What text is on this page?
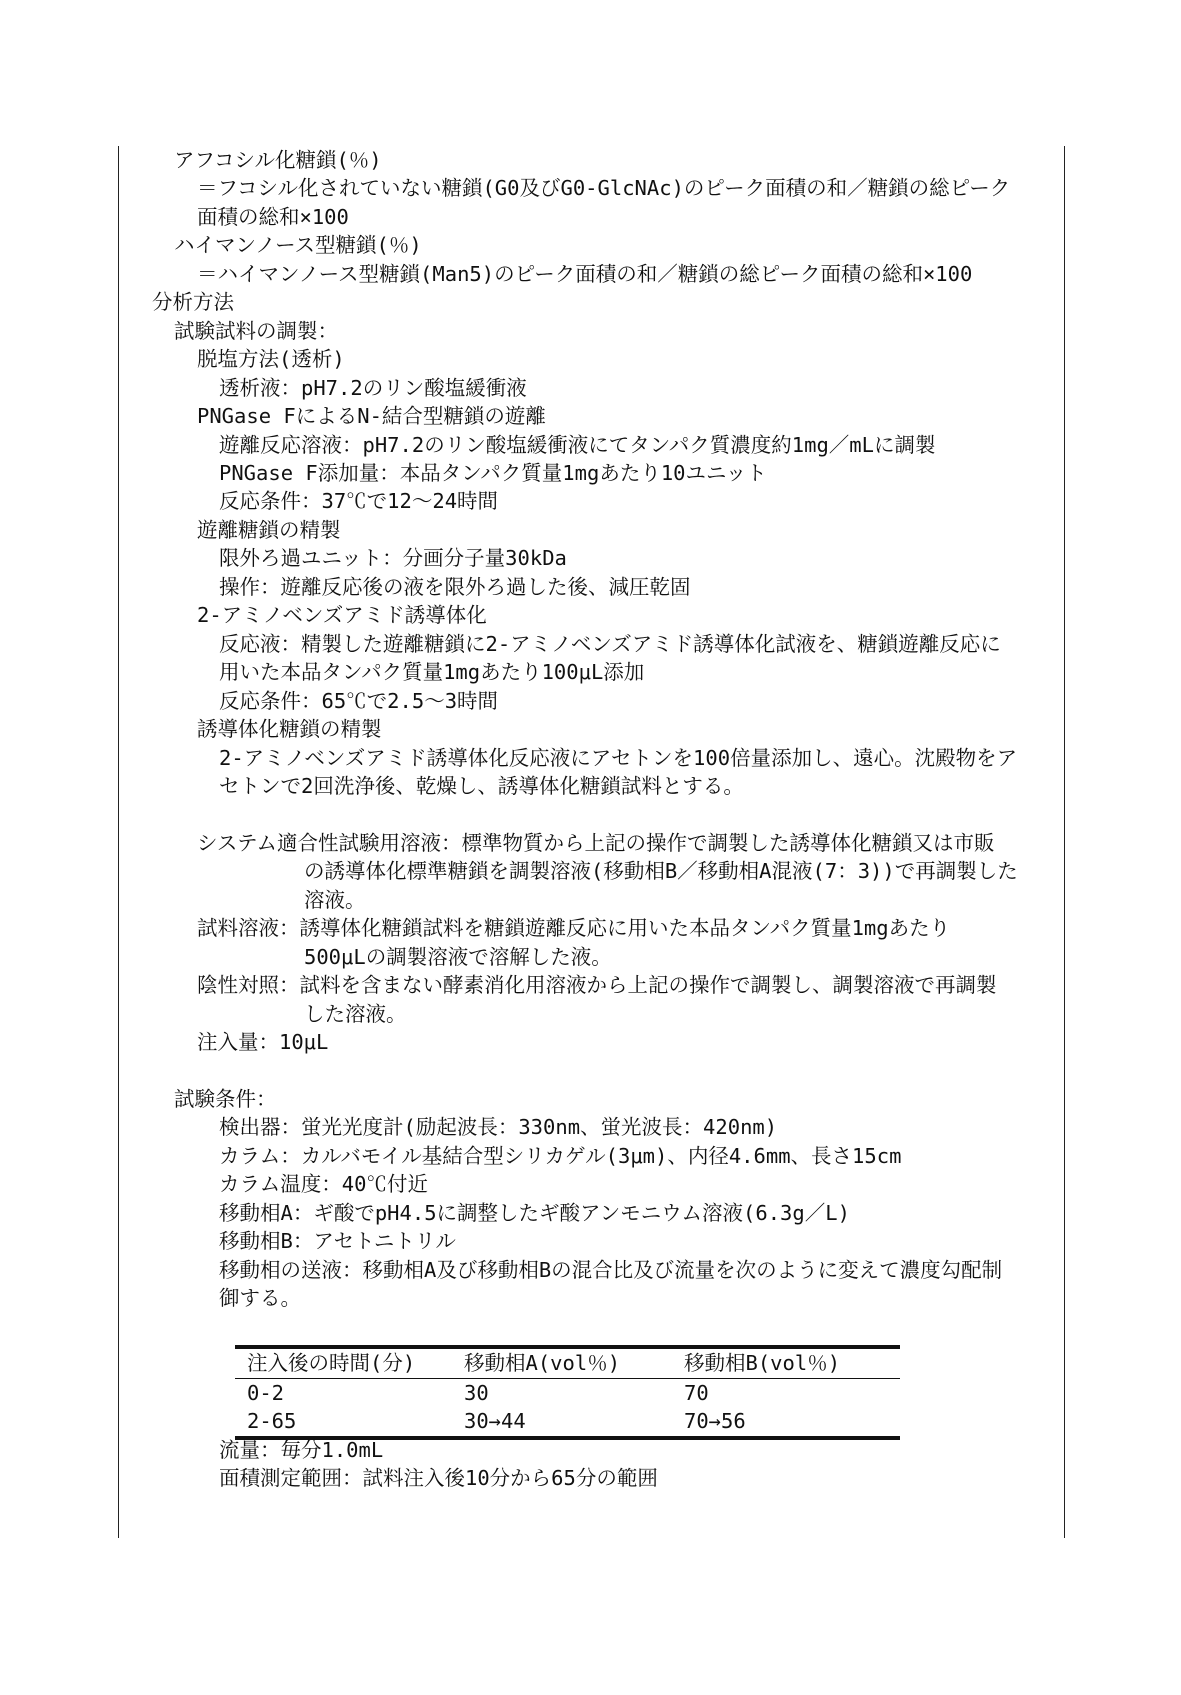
アフコシル化糖鎖(％)
＝フコシル化されていない糖鎖(G0及びG0-GlcNAc)のピーク面積の和／糖鎖の総ピーク
面積の総和×100
ハイマンノース型糖鎖(％)
＝ハイマンノース型糖鎖(Man5)のピーク面積の和／糖鎖の総ピーク面積の総和×100
分析方法
試験試料の調製：
脱塩方法(透析)
透析液：pH7.2のリン酸塩緩衝液
PNGase FによるN-結合型糖鎖の遊離
遊離反応溶液：pH7.2のリン酸塩緩衝液にてタンパク質濃度約1mg／mLに調製
PNGase F添加量：本品タンパク質量1mgあたり10ユニット
反応条件：37℃で12～24時間
遊離糖鎖の精製
限外ろ過ユニット：分画分子量30kDa
操作：遊離反応後の液を限外ろ過した後、減圧乾固
2-アミノベンズアミド誘導体化
反応液：精製した遊離糖鎖に2-アミノベンズアミド誘導体化試液を、糖鎖遊離反応に
用いた本品タンパク質量1mgあたり100μL添加
反応条件：65℃で2.5～3時間
誘導体化糖鎖の精製
2-アミノベンズアミド誘導体化反応液にアセトンを100倍量添加し、遠心。沈殿物をア
セトンで2回洗浄後、乾燥し、誘導体化糖鎖試料とする。
システム適合性試験用溶液：標準物質から上記の操作で調製した誘導体化糖鎖又は市販
の誘導体化標準糖鎖を調製溶液(移動相B／移動相A混液(7：3))で再調製した
溶液。
試料溶液：誘導体化糖鎖試料を糖鎖遊離反応に用いた本品タンパク質量1mgあたり
500μLの調製溶液で溶解した液。
陰性対照：試料を含まない酵素消化用溶液から上記の操作で調製し、調製溶液で再調製
した溶液。
注入量：10μL
試験条件：
検出器：蛍光光度計(励起波長：330nm、蛍光波長：420nm)
カラム：カルバモイル基結合型シリカゲル(3μm)、内径4.6mm、長さ15cm
カラム温度：40℃付近
移動相A：ギ酸でpH4.5に調整したギ酸アンモニウム溶液(6.3g／L)
移動相B：アセトニトリル
移動相の送液：移動相A及び移動相Bの混合比及び流量を次のように変えて濃度勾配制
御する。
注入後の時間(分)	移動相A(vol％)	移動相B(vol％)
0-2	30	70
2-65	30→44	70→56
流量：毎分1.0mL
面積測定範囲：試料注入後10分から65分の範囲
